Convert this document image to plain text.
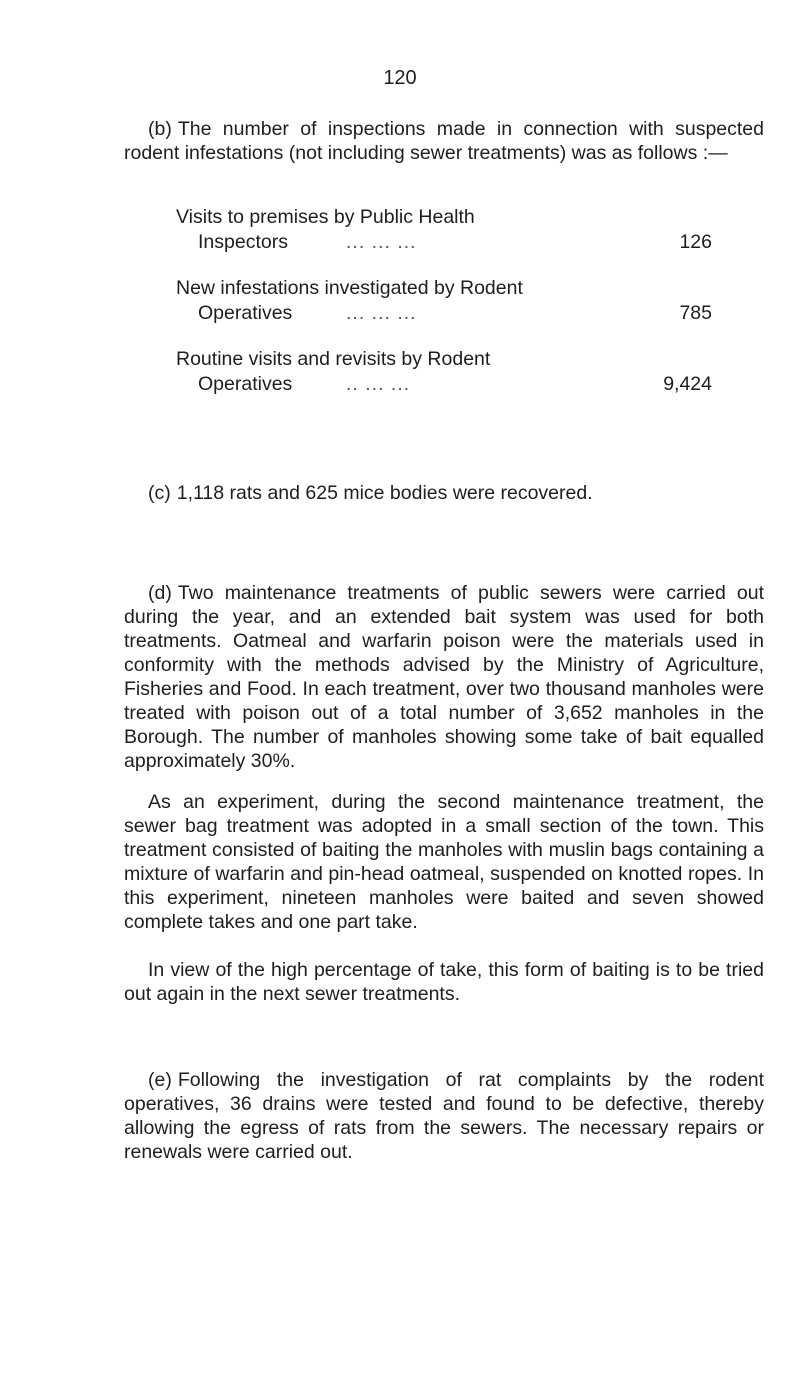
120

(b) The number of inspections made in connection with suspected rodent infestations (not including sewer treatments) was as follows :—

Visits to premises by Public Health
Inspectors	... ... ...	126
New infestations investigated by Rodent
Operatives	... ... ...	785
Routine visits and revisits by Rodent
Operatives	.. ... ...	9,424

(c) 1,118 rats and 625 mice bodies were recovered.

(d) Two maintenance treatments of public sewers were carried out during the year, and an extended bait system was used for both treatments. Oatmeal and warfarin poison were the materials used in conformity with the methods advised by the Ministry of Agriculture, Fisheries and Food. In each treatment, over two thousand manholes were treated with poison out of a total number of 3,652 manholes in the Borough. The number of manholes showing some take of bait equalled approximately 30%.

As an experiment, during the second maintenance treatment, the sewer bag treatment was adopted in a small section of the town. This treatment consisted of baiting the manholes with muslin bags containing a mixture of warfarin and pin-head oatmeal, suspended on knotted ropes. In this experiment, nineteen manholes were baited and seven showed complete takes and one part take.

In view of the high percentage of take, this form of baiting is to be tried out again in the next sewer treatments.

(e) Following the investigation of rat complaints by the rodent operatives, 36 drains were tested and found to be defective, thereby allowing the egress of rats from the sewers. The necessary repairs or renewals were carried out.
